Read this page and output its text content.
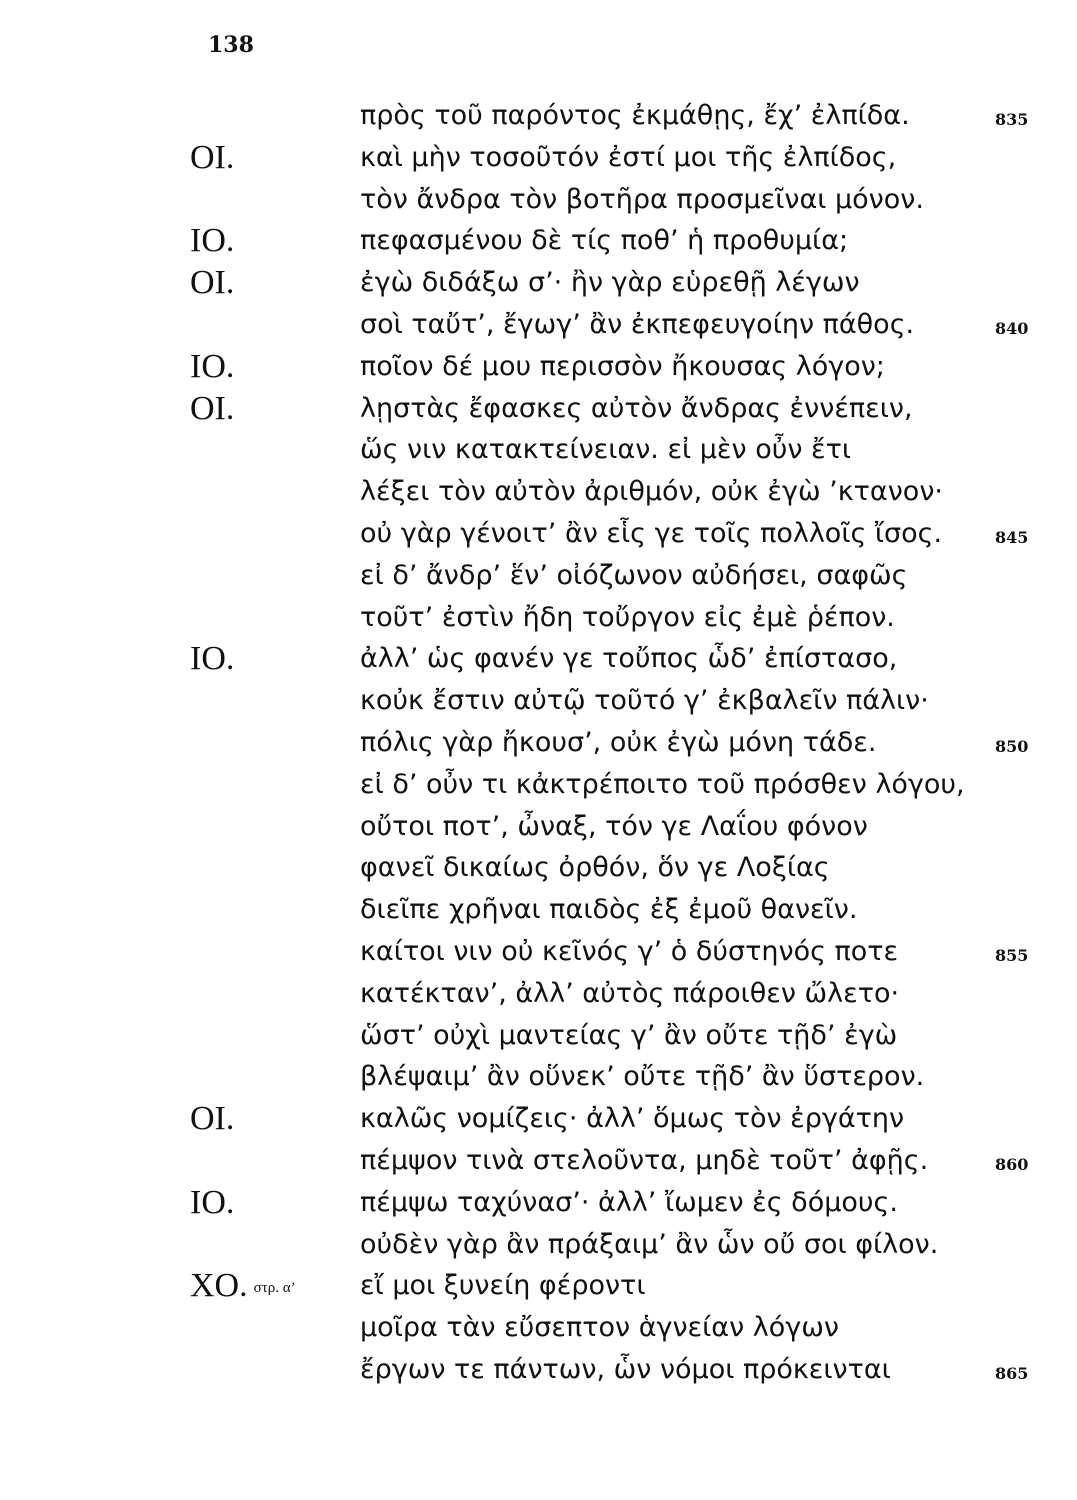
138
πρὸς τοῦ παρόντος ἐκμάθῃς, ἔχ’ ἐλπίδα.	835
ΟΙ.	καὶ μὴν τοσοῦτόν ἐστί μοι τῆς ἐλπίδος,
τὸν ἄνδρα τὸν βοτῆρα προσμεῖναι μόνον.
ΙΟ.	πεφασμένου δὲ τίς ποθ’ ἡ προθυμία;
ΟΙ.	ἐγὼ διδάξω σ’· ἢν γὰρ εὑρεθῇ λέγων
σοὶ ταὔτ’, ἔγωγ’ ἂν ἐκπεφευγοίην πάθος.	840
ΙΟ.	ποῖον δέ μου περισσὸν ἤκουσας λόγον;
ΟΙ.	λῃστὰς ἔφασκες αὐτὸν ἄνδρας ἐννέπειν,
ὥς νιν κατακτείνειαν. εἰ μὲν οὖν ἔτι
λέξει τὸν αὐτὸν ἀριθμόν, οὐκ ἐγὼ ’κτανον·
οὐ γὰρ γένοιτ’ ἂν εἷς γε τοῖς πολλοῖς ἴσος.	845
εἰ δ’ ἄνδρ’ ἕν’ οἰόζωνον αὐδήσει, σαφῶς
τοῦτ’ ἐστὶν ἤδη τοὔργον εἰς ἐμὲ ῥέπον.
ΙΟ.	ἀλλ’ ὡς φανέν γε τοὔπος ὧδ’ ἐπίστασο,
κοὐκ ἔστιν αὐτῷ τοῦτό γ’ ἐκβαλεῖν πάλιν·
πόλις γὰρ ἤκουσ’, οὐκ ἐγὼ μόνη τάδε.	850
εἰ δ’ οὖν τι κἀκτρέποιτο τοῦ πρόσθεν λόγου,
οὔτοι ποτ’, ὦναξ, τόν γε Λαΐου φόνον
φανεῖ δικαίως ὀρθόν, ὅν γε Λοξίας
διεῖπε χρῆναι παιδὸς ἐξ ἐμοῦ θανεῖν.
καίτοι νιν οὐ κεῖνός γ’ ὁ δύστηνός ποτε	855
κατέκταν’, ἀλλ’ αὐτὸς πάροιθεν ὤλετο·
ὥστ’ οὐχὶ μαντείας γ’ ἂν οὔτε τῇδ’ ἐγὼ
βλέψαιμ’ ἂν οὕνεκ’ οὔτε τῇδ’ ἂν ὕστερον.
ΟΙ.	καλῶς νομίζεις· ἀλλ’ ὅμως τὸν ἐργάτην
πέμψον τινὰ στελοῦντα, μηδὲ τοῦτ’ ἀφῇς.	860
ΙΟ.	πέμψω ταχύνασ’· ἀλλ’ ἴωμεν ἐς δόμους.
οὐδὲν γὰρ ἂν πράξαιμ’ ἂν ὧν οὔ σοι φίλον.
ΧΟ. στρ. α’ εἴ μοι ξυνείη φέροντι
μοῖρα τὰν εὔσεπτον ἁγνείαν λόγων
ἔργων τε πάντων, ὧν νόμοι πρόκεινται	865
